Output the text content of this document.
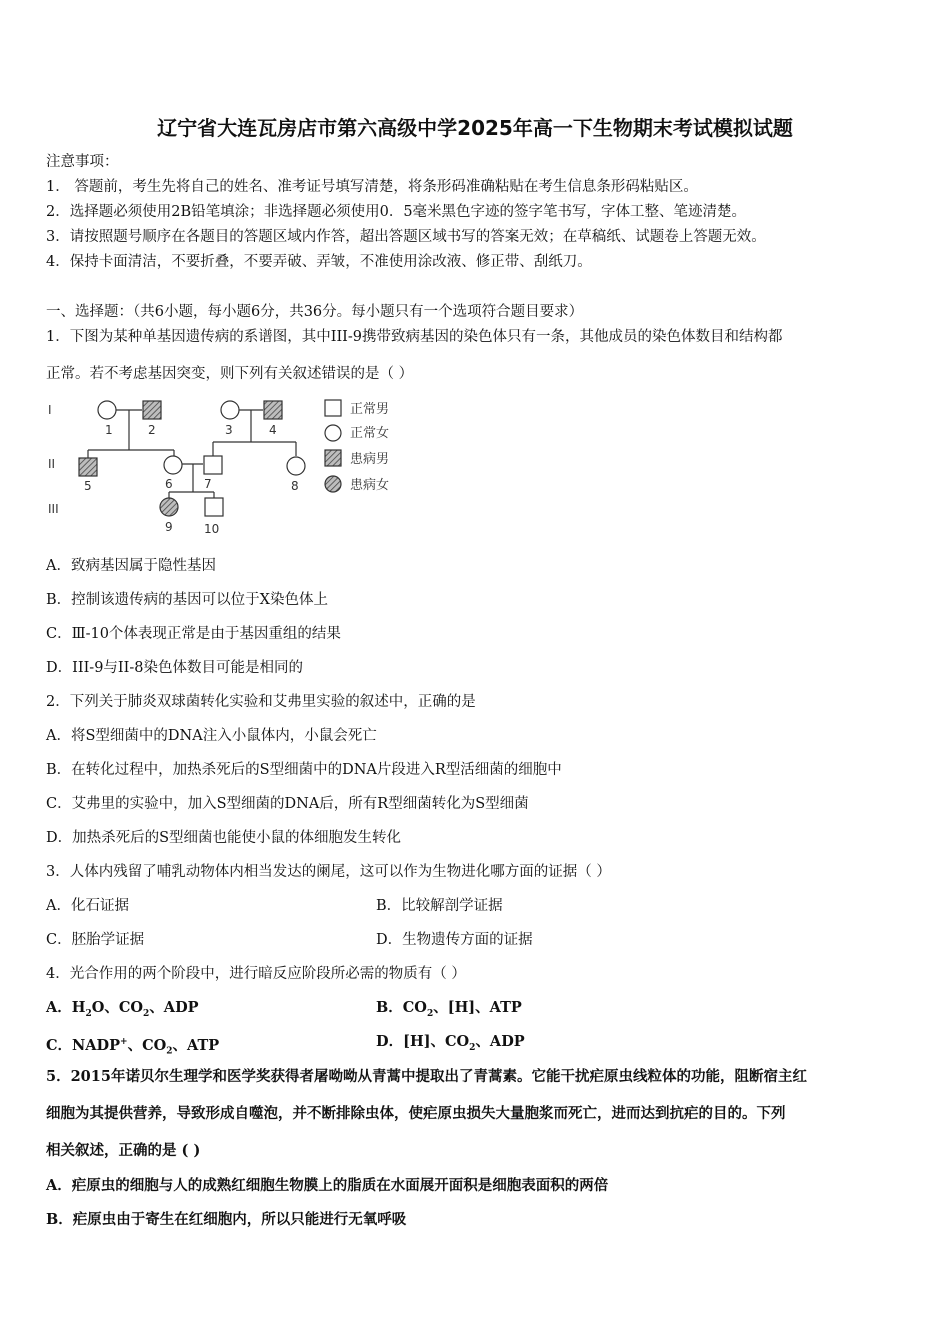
辽宁省大连瓦房店市第六高级中学2025年高一下生物期末考试模拟试题
注意事项：
1． 答题前，考生先将自己的姓名、准考证号填写清楚，将条形码准确粘贴在考生信息条形码粘贴区。
2．选择题必须使用2B铅笔填涂；非选择题必须使用0．5毫米黑色字迹的签字笔书写，字体工整、笔迹清楚。
3．请按照题号顺序在各题目的答题区域内作答，超出答题区域书写的答案无效；在草稿纸、试题卷上答题无效。
4．保持卡面清洁，不要折叠，不要弄破、弄皱，不准使用涂改液、修正带、刮纸刀。
一、选择题：（共6小题，每小题6分，共36分。每小题只有一个选项符合题目要求）
1．下图为某种单基因遗传病的系谱图，其中III-9携带致病基因的染色体只有一条，其他成员的染色体数目和结构都
正常。若不考虑基因突变，则下列有关叙述错误的是（ ）
I
II
III
1	2	3	4
5	6	7	8
9	10
正常男
正常女
患病男
患病女
A．致病基因属于隐性基因
B．控制该遗传病的基因可以位于X染色体上
C．Ⅲ-10个体表现正常是由于基因重组的结果
D．III-9与II-8染色体数目可能是相同的
2．下列关于肺炎双球菌转化实验和艾弗里实验的叙述中，正确的是
A．将S型细菌中的DNA注入小鼠体内，小鼠会死亡
B．在转化过程中，加热杀死后的S型细菌中的DNA片段进入R型活细菌的细胞中
C．艾弗里的实验中，加入S型细菌的DNA后，所有R型细菌转化为S型细菌
D．加热杀死后的S型细菌也能使小鼠的体细胞发生转化
3．人体内残留了哺乳动物体内相当发达的阑尾，这可以作为生物进化哪方面的证据（ ）
A．化石证据	B．比较解剖学证据
C．胚胎学证据	D．生物遗传方面的证据
4．光合作用的两个阶段中，进行暗反应阶段所必需的物质有（ ）
A．$H_2O$、$CO_2$、ADP	B．$CO_2$、[H]、ATP
C．NADP+、$CO_2$、ATP	D．[H]、$CO_2$、ADP
5．2015年诺贝尔生理学和医学奖获得者屠呦呦从青蒿中提取出了青蒿素。它能干扰疟原虫线粒体的功能，阻断宿主红
细胞为其提供营养，导致形成自噬泡，并不断排除虫体，使疟原虫损失大量胞浆而死亡，进而达到抗疟的目的。下列
相关叙述，正确的是 ( )
A．疟原虫的细胞与人的成熟红细胞生物膜上的脂质在水面展开面积是细胞表面积的两倍
B．疟原虫由于寄生在红细胞内，所以只能进行无氧呼吸
